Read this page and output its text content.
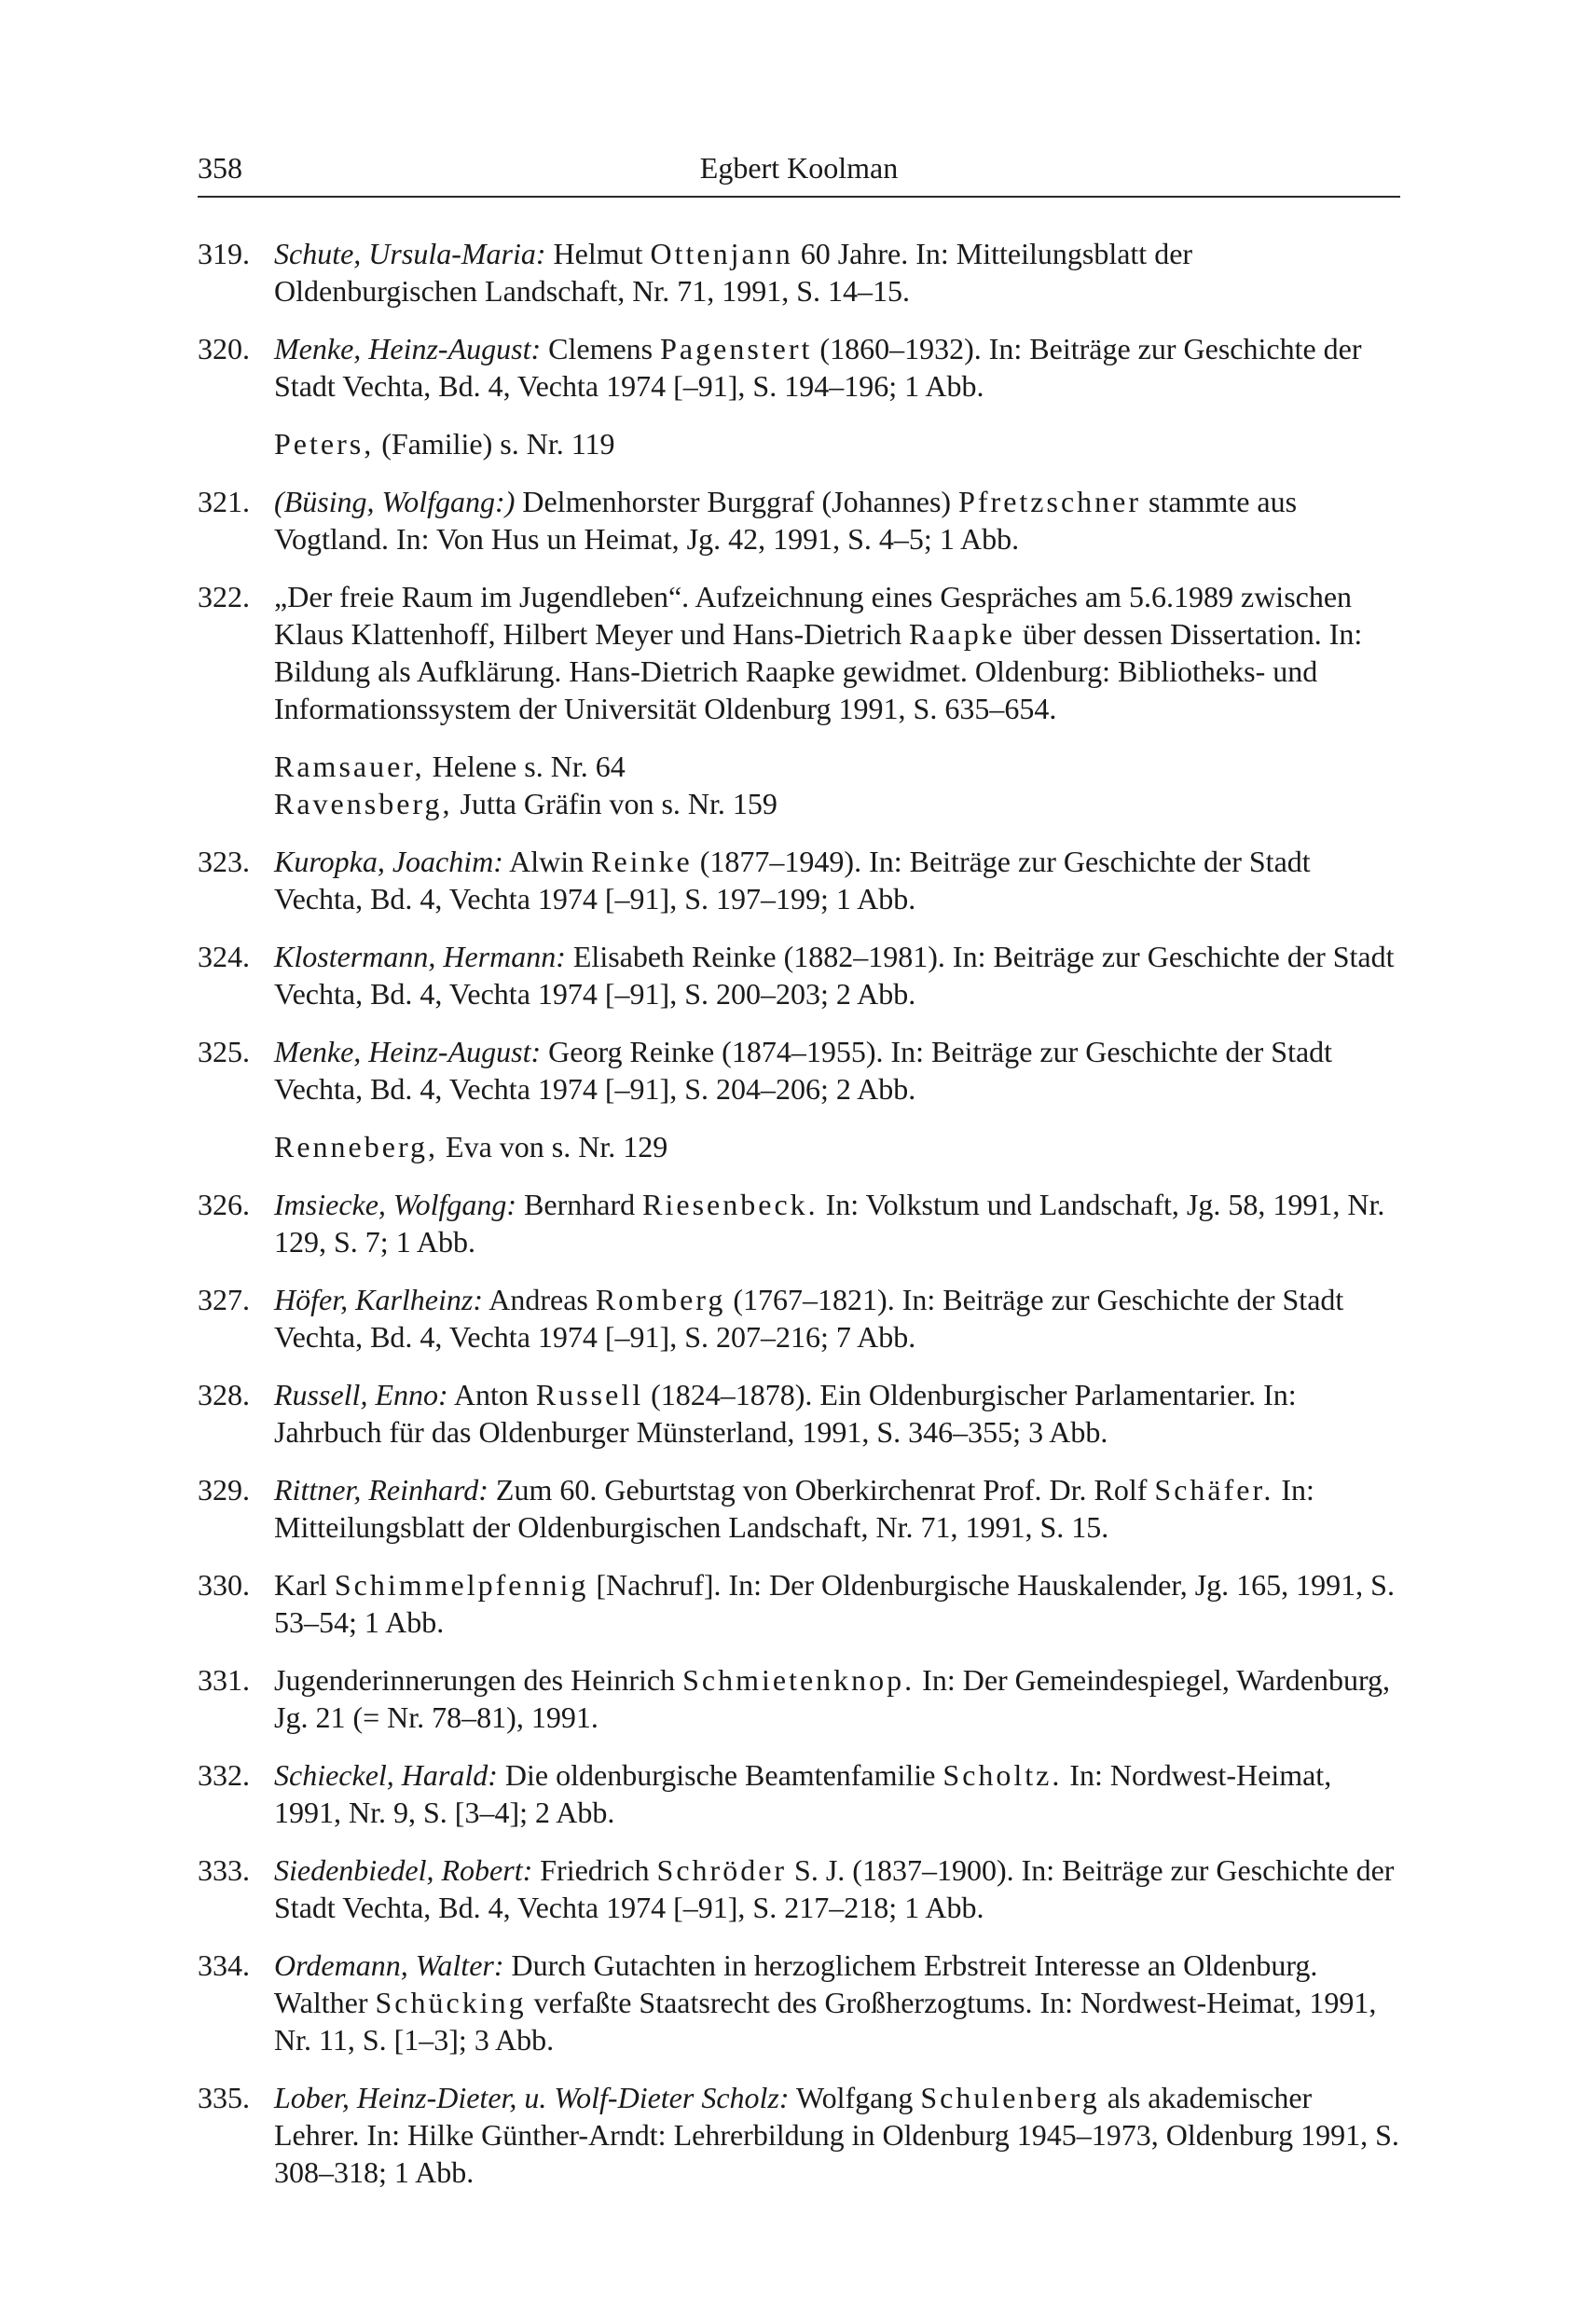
358	Egbert Koolman
319. Schute, Ursula-Maria: Helmut Ottenjann 60 Jahre. In: Mitteilungsblatt der Oldenburgischen Landschaft, Nr. 71, 1991, S. 14–15.
320. Menke, Heinz-August: Clemens Pagenstert (1860–1932). In: Beiträge zur Geschichte der Stadt Vechta, Bd. 4, Vechta 1974 [–91], S. 194–196; 1 Abb.
Peters, (Familie) s. Nr. 119
321. (Büsing, Wolfgang:) Delmenhorster Burggraf (Johannes) Pfretzschner stammte aus Vogtland. In: Von Hus un Heimat, Jg. 42, 1991, S. 4–5; 1 Abb.
322. „Der freie Raum im Jugendleben“. Aufzeichnung eines Gespräches am 5.6.1989 zwischen Klaus Klattenhoff, Hilbert Meyer und Hans-Dietrich Raapke über dessen Dissertation. In: Bildung als Aufklärung. Hans-Dietrich Raapke gewidmet. Oldenburg: Bibliotheks- und Informationssystem der Universität Oldenburg 1991, S. 635–654.
Ramsauer, Helene s. Nr. 64
Ravensberg, Jutta Gräfin von s. Nr. 159
323. Kuropka, Joachim: Alwin Reinke (1877–1949). In: Beiträge zur Geschichte der Stadt Vechta, Bd. 4, Vechta 1974 [–91], S. 197–199; 1 Abb.
324. Klostermann, Hermann: Elisabeth Reinke (1882–1981). In: Beiträge zur Geschichte der Stadt Vechta, Bd. 4, Vechta 1974 [–91], S. 200–203; 2 Abb.
325. Menke, Heinz-August: Georg Reinke (1874–1955). In: Beiträge zur Geschichte der Stadt Vechta, Bd. 4, Vechta 1974 [–91], S. 204–206; 2 Abb.
Renneberg, Eva von s. Nr. 129
326. Imsiecke, Wolfgang: Bernhard Riesenbeck. In: Volkstum und Landschaft, Jg. 58, 1991, Nr. 129, S. 7; 1 Abb.
327. Höfer, Karlheinz: Andreas Romberg (1767–1821). In: Beiträge zur Geschichte der Stadt Vechta, Bd. 4, Vechta 1974 [–91], S. 207–216; 7 Abb.
328. Russell, Enno: Anton Russell (1824–1878). Ein Oldenburgischer Parlamentarier. In: Jahrbuch für das Oldenburger Münsterland, 1991, S. 346–355; 3 Abb.
329. Rittner, Reinhard: Zum 60. Geburtstag von Oberkirchenrat Prof. Dr. Rolf Schäfer. In: Mitteilungsblatt der Oldenburgischen Landschaft, Nr. 71, 1991, S. 15.
330. Karl Schimmelpfennig [Nachruf]. In: Der Oldenburgische Hauskalender, Jg. 165, 1991, S. 53–54; 1 Abb.
331. Jugenderinnerungen des Heinrich Schmietenknop. In: Der Gemeindespiegel, Wardenburg, Jg. 21 (= Nr. 78–81), 1991.
332. Schieckel, Harald: Die oldenburgische Beamtenfamilie Scholtz. In: Nordwest-Heimat, 1991, Nr. 9, S. [3–4]; 2 Abb.
333. Siedenbiedel, Robert: Friedrich Schröder S. J. (1837–1900). In: Beiträge zur Geschichte der Stadt Vechta, Bd. 4, Vechta 1974 [–91], S. 217–218; 1 Abb.
334. Ordemann, Walter: Durch Gutachten in herzoglichem Erbstreit Interesse an Oldenburg. Walther Schücking verfaßte Staatsrecht des Großherzogtums. In: Nordwest-Heimat, 1991, Nr. 11, S. [1–3]; 3 Abb.
335. Lober, Heinz-Dieter, u. Wolf-Dieter Scholz: Wolfgang Schulenberg als akademischer Lehrer. In: Hilke Günther-Arndt: Lehrerbildung in Oldenburg 1945–1973, Oldenburg 1991, S. 308–318; 1 Abb.
